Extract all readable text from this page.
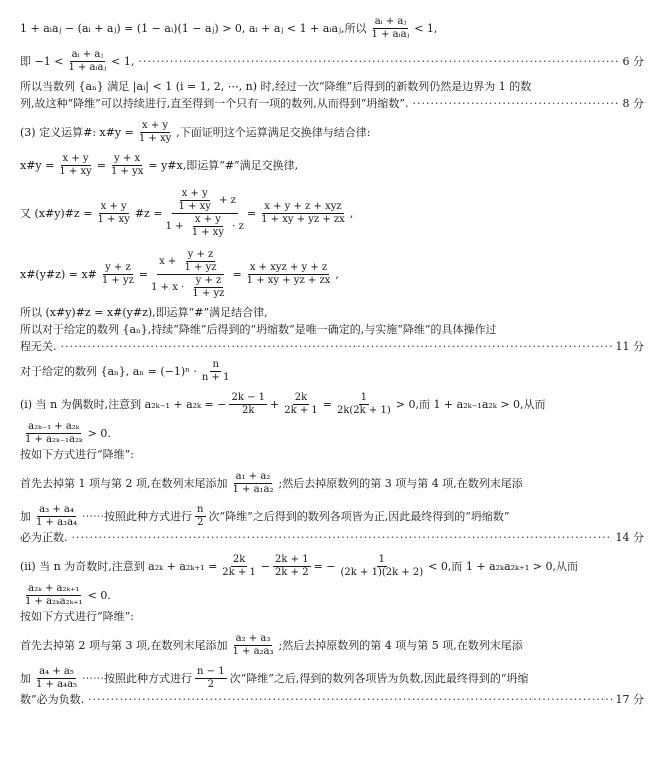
1 + aᵢaⱼ − (aᵢ + aⱼ) = (1 − aᵢ)(1 − aⱼ) > 0, aᵢ + aⱼ < 1 + aᵢaⱼ,所以 $\frac{\text{aᵢ + aⱼ}}{\text{1 + aᵢaⱼ}} < 1$,
即 $-1 < \frac{\text{aᵢ + aⱼ}}{\text{1 + aᵢaⱼ}} < 1$, ·····	6 分
所以当数列 {aₙ} 满足 |aᵢ| < 1 (i = 1, 2, ⋯, n) 时,经过一次“降维”后得到的新数列仍然是边界为 1 的数
列,故这种“降维”可以持续进行,直至得到一个只有一项的数列,从而得到“坍缩数”. ·····	8 分
(3) 定义运算#: x#y = $\frac{x + y}{1 + xy}$ ,下面证明这个运算满足交换律与结合律:
x#y = $\frac{x + y}{1 + xy} = \frac{y + x}{1 + yx}$ = y#x,即运算“#”满足交换律,
又 (x#y)#z = $\frac{x + y}{1 + xy}$ #z = $\frac{\frac{x + y}{1 + xy} + z}{1 + \frac{x + y}{1 + xy} \cdot z} = \frac{\text{x + y + z + xyz}}{1 + xy + yz + zx}$ ,
x#(y#z) = x# $\frac{y + z}{1 + yz} = \frac{x + \frac{y + z}{1 + yz}}{1 + x \cdot \frac{y + z}{1 + yz}} = \frac{\text{x + xyz + y + z}}{1 + xy + yz + zx}$ ,
所以 (x#y)#z = x#(y#z),即运算“#”满足结合律,
所以对于给定的数列 {aₙ},持续“降维”后得到的“坍缩数”是唯一确定的,与实施“降维”的具体操作过
程无关. ·····	11 分
对于给定的数列 {aₙ}, $a_n = (-1)^n \cdot \frac{n}{n + 1}$
(ⅰ) 当 n 为偶数时,注意到 a₂ₖ₋₁ + a₂ₖ = − $\frac{2k - 1}{2k} + \frac{2k}{2k + 1} = \frac{1}{2k(2k + 1)} > 0$,而 1 + a₂ₖ₋₁a₂ₖ > 0,从而
$\frac{\text{a₂ₖ₋₁ + a₂ₖ}}{\text{1 + a₂ₖ₋₁a₂ₖ}} > 0$.
按如下方式进行“降维”:
首先去掉第 1 项与第 2 项,在数列末尾添加 $\frac{\text{a₁ + a₂}}{\text{1 + a₁a₂}}$ ;然后去掉原数列的第 3 项与第 4 项,在数列末尾添
加 $\frac{\text{a₃ + a₄}}{\text{1 + a₃a₄}}$ ⋯⋯按照此种方式进行 $\frac{n}{2}$ 次“降维”之后得到的数列各项皆为正,因此最终得到的“坍缩数”
必为正数. ·····	14 分
(ⅱ) 当 n 为奇数时,注意到 $a_{2k} + a_{2k+1} = \frac{2k}{2k + 1} - \frac{2k + 1}{2k + 2}$ = − $\frac{1}{(2k + 1)(2k + 2)} < 0$,而 1 + a₂ₖa₂ₖ₊₁ > 0,从而
$\frac{\text{a₂ₖ + a₂ₖ₊₁}}{\text{1 + a₂ₖa₂ₖ₊₁}} < 0$.
按如下方式进行“降维”:
首先去掉第 2 项与第 3 项,在数列末尾添加 $\frac{\text{a₂ + a₃}}{\text{1 + a₂a₃}}$ ;然后去掉原数列的第 4 项与第 5 项,在数列末尾添
加 $\frac{\text{a₄ + a₅}}{\text{1 + a₄a₅}}$ ⋯⋯按照此种方式进行 $\frac{n - 1}{2}$ 次“降维”之后,得到的数列各项皆为负数,因此最终得到的“坍缩
数”必为负数. ·····	17 分
